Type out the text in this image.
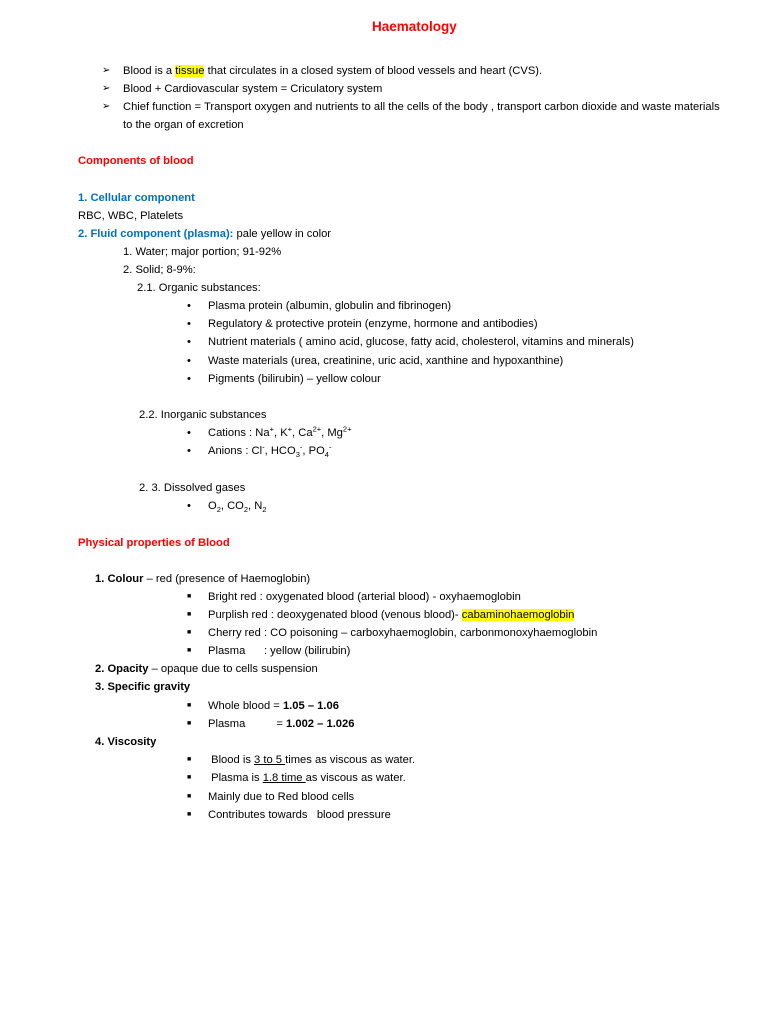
Haematology
➢ Blood is a tissue that circulates in a closed system of blood vessels and heart (CVS).
➢ Blood + Cardiovascular system = Criculatory system
➢ Chief function = Transport oxygen and nutrients to all the cells of the body , transport carbon dioxide and waste materials
to the organ of excretion
Components of blood
1. Cellular component
RBC, WBC, Platelets
2. Fluid component (plasma): pale yellow in color
1. Water; major portion; 91-92%
2. Solid; 8-9%:
2.1. Organic substances:
• Plasma protein (albumin, globulin and fibrinogen)
• Regulatory & protective protein (enzyme, hormone and antibodies)
• Nutrient materials ( amino acid, glucose, fatty acid, cholesterol, vitamins and minerals)
• Waste materials (urea, creatinine, uric acid, xanthine and hypoxanthine)
• Pigments (bilirubin) – yellow colour
2.2. Inorganic substances
• Cations : Na+, K+, $Ca^{2+}$, $Mg^{2+}$
• Anions : Cl-, $HCO_3^-$, $PO_4^-$
2. 3. Dissolved gases
• $O_2$, $CO_2$, $N_2$
Physical properties of Blood
1. Colour – red (presence of Haemoglobin)
■ Bright red : oxygenated blood (arterial blood) - oxyhaemoglobin
■ Purplish red : deoxygenated blood (venous blood)- cabaminohaemoglobin
■ Cherry red : CO poisoning – carboxyhaemoglobin, carbonmonoxyhaemoglobin
■ Plasma      : yellow (bilirubin)
2. Opacity – opaque due to cells suspension
3. Specific gravity
■ Whole blood = 1.05 – 1.06
■ Plasma          = 1.002 – 1.026
4. Viscosity
■ Blood is 3 to 5 times as viscous as water.
■ Plasma is 1.8 time as viscous as water.
■ Mainly due to Red blood cells
■ Contributes towards   blood pressure
